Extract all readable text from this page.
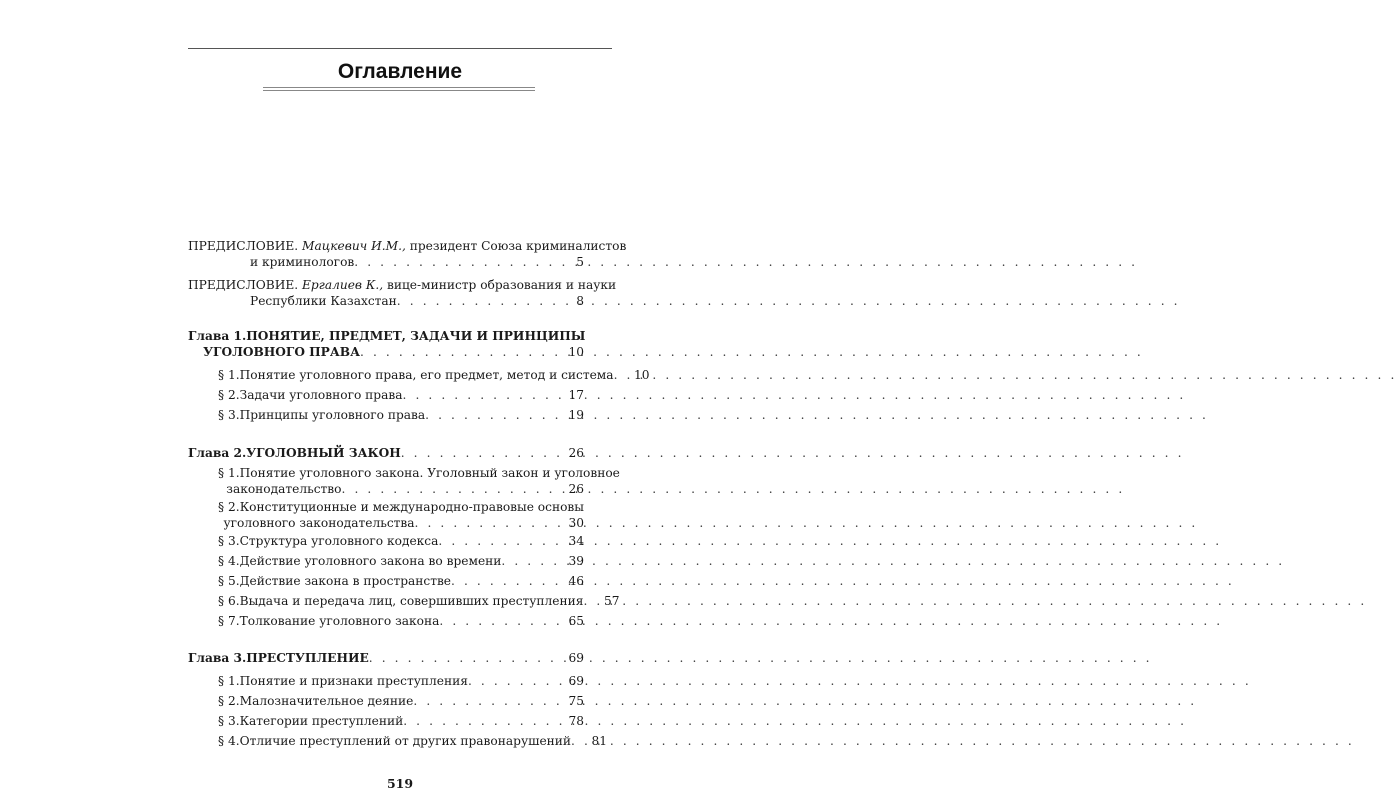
Оглавление
ПРЕДИСЛОВИЕ. Мацкевич И.М., президент Союза криминалистов
и криминологов . . .	5
ПРЕДИСЛОВИЕ. Ергалиев К., вице-министр образования и науки
Республики Казахстан . . .	8
Глава 1. ПОНЯТИЕ, ПРЕДМЕТ, ЗАДАЧИ И ПРИНЦИПЫ
УГОЛОВНОГО ПРАВА . . .	10
§ 1. Понятие уголовного права, его предмет, метод и система . . .	10
§ 2. Задачи уголовного права . . .	17
§ 3. Принципы уголовного права . . .	19
Глава 2. УГОЛОВНЫЙ ЗАКОН . . .	26
§ 1. Понятие уголовного закона. Уголовный закон и уголовное
законодательство . . .	26
§ 2. Конституционные и международно-правовые основы
уголовного законодательства . . .	30
§ 3. Структура уголовного кодекса . . .	34
§ 4. Действие уголовного закона во времени . . .	39
§ 5. Действие закона в пространстве . . .	46
§ 6. Выдача и передача лиц, совершивших преступления . . .	57
§ 7. Толкование уголовного закона . . .	65
Глава 3. ПРЕСТУПЛЕНИЕ . . .	69
§ 1. Понятие и признаки преступления . . .	69
§ 2. Малозначительное деяние . . .	75
§ 3. Категории преступлений . . .	78
§ 4. Отличие преступлений от других правонарушений . . .	81
519
